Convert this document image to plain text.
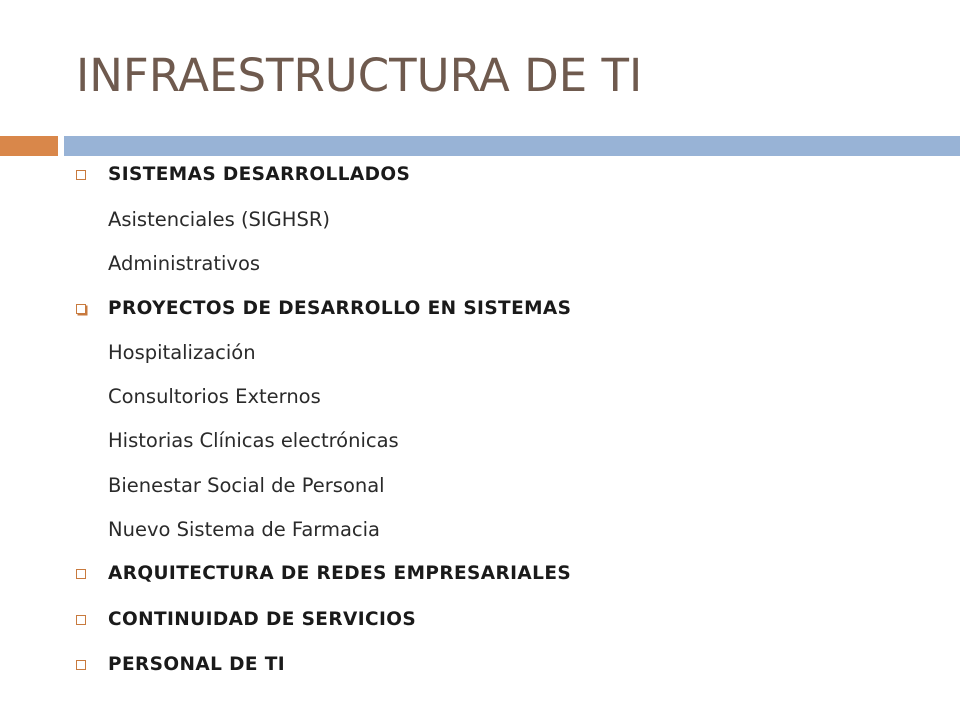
INFRAESTRUCTURA DE TI
SISTEMAS DESARROLLADOS
Asistenciales (SIGHSR)
Administrativos
PROYECTOS DE DESARROLLO EN SISTEMAS
Hospitalización
Consultorios Externos
Historias Clínicas electrónicas
Bienestar Social de Personal
Nuevo Sistema de Farmacia
ARQUITECTURA DE REDES EMPRESARIALES
CONTINUIDAD DE SERVICIOS
PERSONAL DE TI
